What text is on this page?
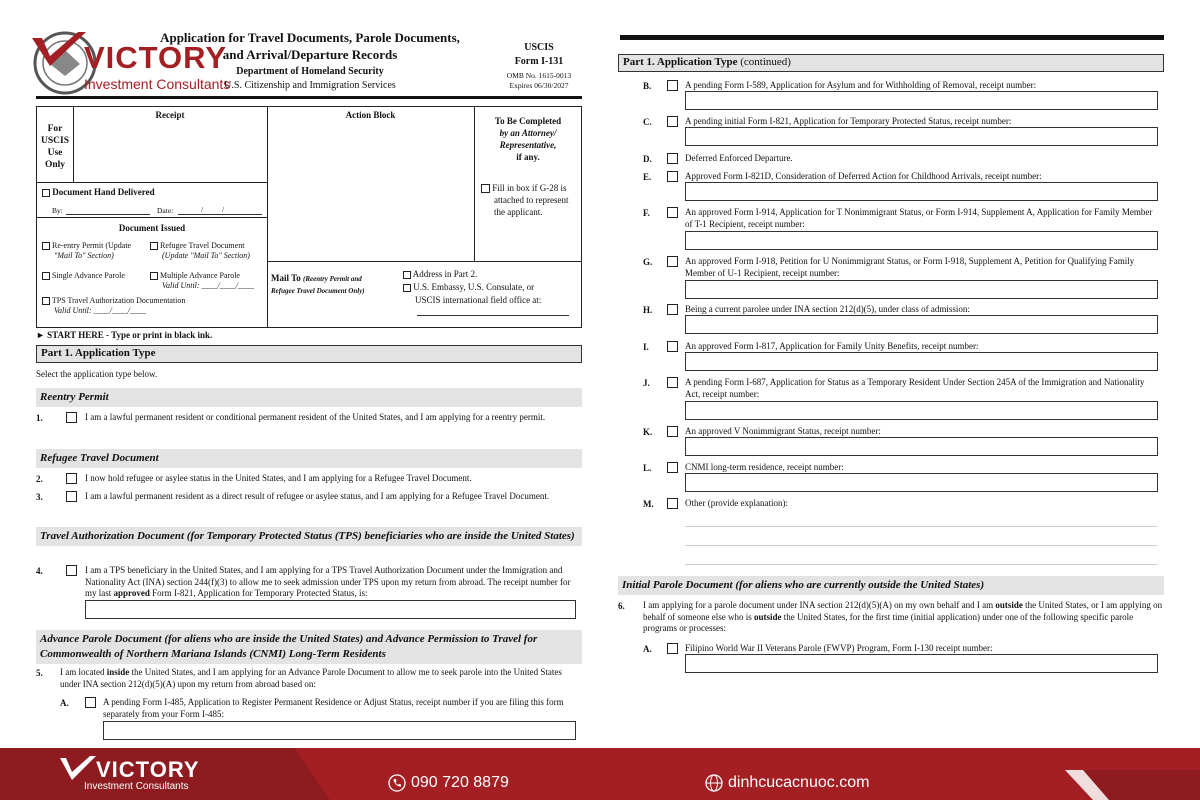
VICTORY
Investment Consultants
Application for Travel Documents, Parole Documents,
and Arrival/Departure Records
Department of Homeland Security
U.S. Citizenship and Immigration Services
USCIS
Form I-131
OMB No. 1615-0013
Expires 06/30/2027
For USCIS Use Only
Receipt	Action Block
To Be Completed
by an Attorney/
Representative,
if any.
Fill in box if G-28 is
attached to represent
the applicant.
Document Hand Delivered
By:	Date:	/          /
Document Issued
Re-entry Permit (Update
"Mail To" Section)
Refugee Travel Document
(Update "Mail To" Section)
Single Advance Parole	Multiple Advance Parole
Valid Until: ____/____/____
TPS Travel Authorization Documentation
Valid Until: ____/____/____
Mail To (Reentry Permit and Refugee Travel Document Only)
Address in Part 2.
U.S. Embassy, U.S. Consulate, or
USCIS international field office at:
► START HERE - Type or print in black ink.
Part 1. Application Type
Select the application type below.
Reentry Permit
1.	I am a lawful permanent resident or conditional permanent resident of the United States, and I am applying for a reentry permit.
Refugee Travel Document
2.	I now hold refugee or asylee status in the United States, and I am applying for a Refugee Travel Document.
3.	I am a lawful permanent resident as a direct result of refugee or asylee status, and I am applying for a Refugee Travel Document.
Travel Authorization Document (for Temporary Protected Status (TPS) beneficiaries who are inside the United States)
4.	I am a TPS beneficiary in the United States, and I am applying for a TPS Travel Authorization Document under the Immigration and Nationality Act (INA) section 244(f)(3) to allow me to seek admission under TPS upon my return from abroad. The receipt number for my last approved Form I-821, Application for Temporary Protected Status, is:
Advance Parole Document (for aliens who are inside the United States) and Advance Permission to Travel for Commonwealth of Northern Mariana Islands (CNMI) Long-Term Residents
5. I am located inside the United States, and I am applying for an Advance Parole Document to allow me to seek parole into the United States under INA section 212(d)(5)(A) upon my return from abroad based on:
A.	A pending Form I-485, Application to Register Permanent Residence or Adjust Status, receipt number if you are filing this form separately from your Form I-485:
Part 1. Application Type (continued)
B.	A pending Form I-589, Application for Asylum and for Withholding of Removal, receipt number:
C.	A pending initial Form I-821, Application for Temporary Protected Status, receipt number:
D.	Deferred Enforced Departure.
E.	Approved Form I-821D, Consideration of Deferred Action for Childhood Arrivals, receipt number:
F.	An approved Form I-914, Application for T Nonimmigrant Status, or Form I-914, Supplement A, Application for Family Member of T-1 Recipient, receipt number:
G.	An approved Form I-918, Petition for U Nonimmigrant Status, or Form I-918, Supplement A, Petition for Qualifying Family Member of U-1 Recipient, receipt number:
H.	Being a current parolee under INA section 212(d)(5), under class of admission:
I.	An approved Form I-817, Application for Family Unity Benefits, receipt number:
J.	A pending Form I-687, Application for Status as a Temporary Resident Under Section 245A of the Immigration and Nationality Act, receipt number:
K.	An approved V Nonimmigrant Status, receipt number:
L.	CNMI long-term residence, receipt number:
M.	Other (provide explanation):
Initial Parole Document (for aliens who are currently outside the United States)
6. I am applying for a parole document under INA section 212(d)(5)(A) on my own behalf and I am outside the United States, or I am applying on behalf of someone else who is outside the United States, for the first time (initial application) under one of the following specific parole programs or processes:
A.	Filipino World War II Veterans Parole (FWVP) Program, Form I-130 receipt number:
VICTORY
Investment Consultants	090 720 8879	dinhcucacnuoc.com
